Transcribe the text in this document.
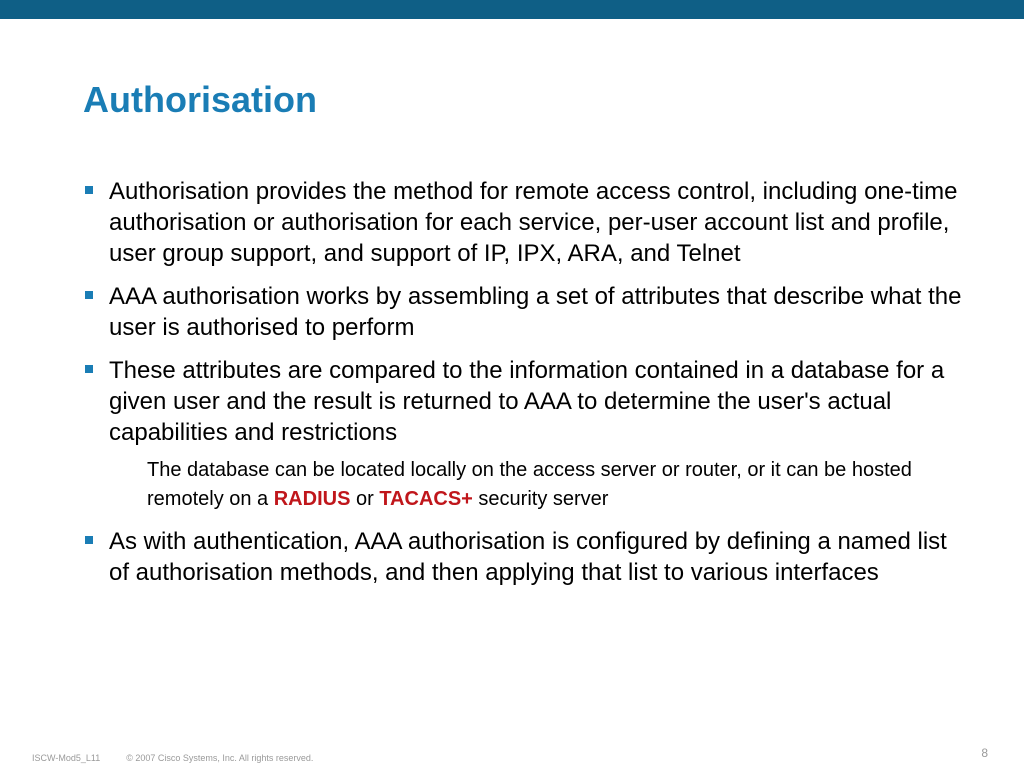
Authorisation
Authorisation provides the method for remote access control, including one-time authorisation or authorisation for each service, per-user account list and profile, user group support, and support of IP, IPX, ARA, and Telnet
AAA authorisation works by assembling a set of attributes that describe what the user is authorised to perform
These attributes are compared to the information contained in a database for a given user and the result is returned to AAA to determine the user's actual capabilities and restrictions
The database can be located locally on the access server or router, or it can be hosted remotely on a RADIUS or TACACS+ security server
As with authentication, AAA authorisation is configured by defining a named list of authorisation methods, and then applying that list to various interfaces
ISCW-Mod5_L11	© 2007 Cisco Systems, Inc. All rights reserved.	8
